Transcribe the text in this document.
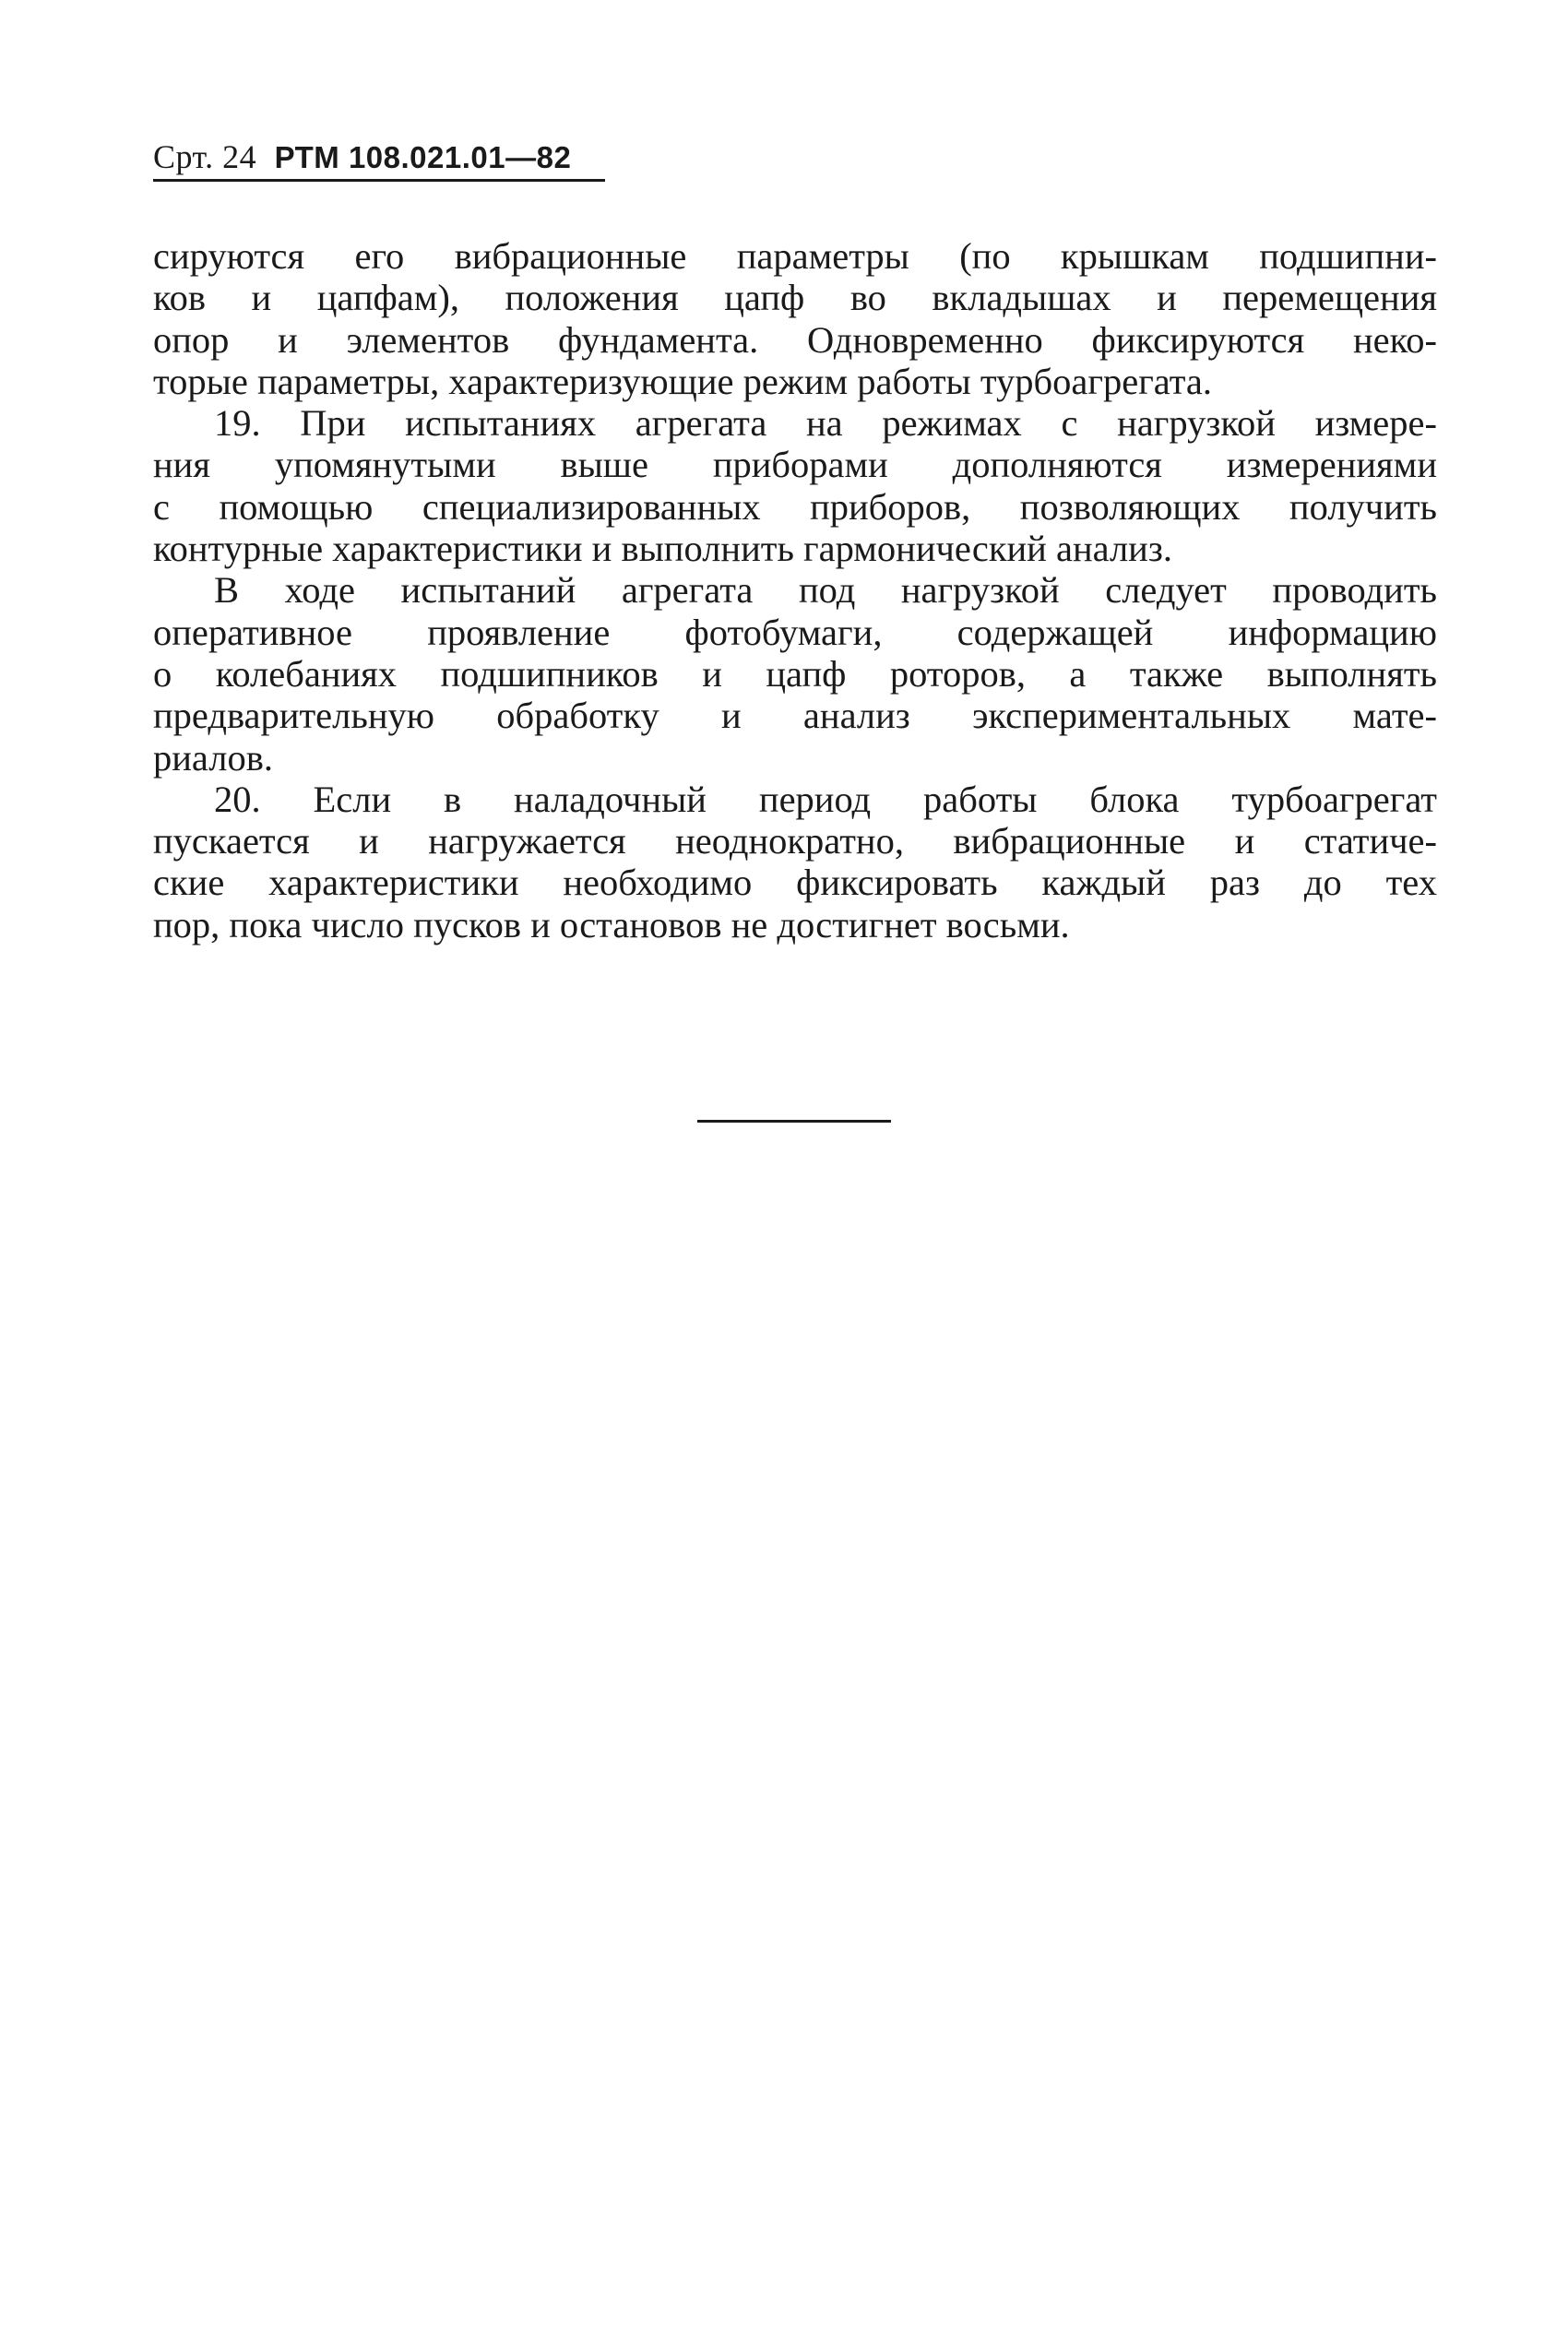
Срт. 24 РТМ 108.021.01—82
сируются его вибрационные параметры (по крышкам подшипни-
ков и цапфам), положения цапф во вкладышах и перемещения
опор и элементов фундамента. Одновременно фиксируются неко-
торые параметры, характеризующие режим работы турбоагрегата.
19. При испытаниях агрегата на режимах с нагрузкой измере-
ния упомянутыми выше приборами дополняются измерениями
с помощью специализированных приборов, позволяющих получить
контурные характеристики и выполнить гармонический анализ.
В ходе испытаний агрегата под нагрузкой следует проводить
оперативное проявление фотобумаги, содержащей информацию
о колебаниях подшипников и цапф роторов, а также выполнять
предварительную обработку и анализ экспериментальных мате-
риалов.
20. Если в наладочный период работы блока турбоагрегат
пускается и нагружается неоднократно, вибрационные и статиче-
ские характеристики необходимо фиксировать каждый раз до тех
пор, пока число пусков и остановов не достигнет восьми.
